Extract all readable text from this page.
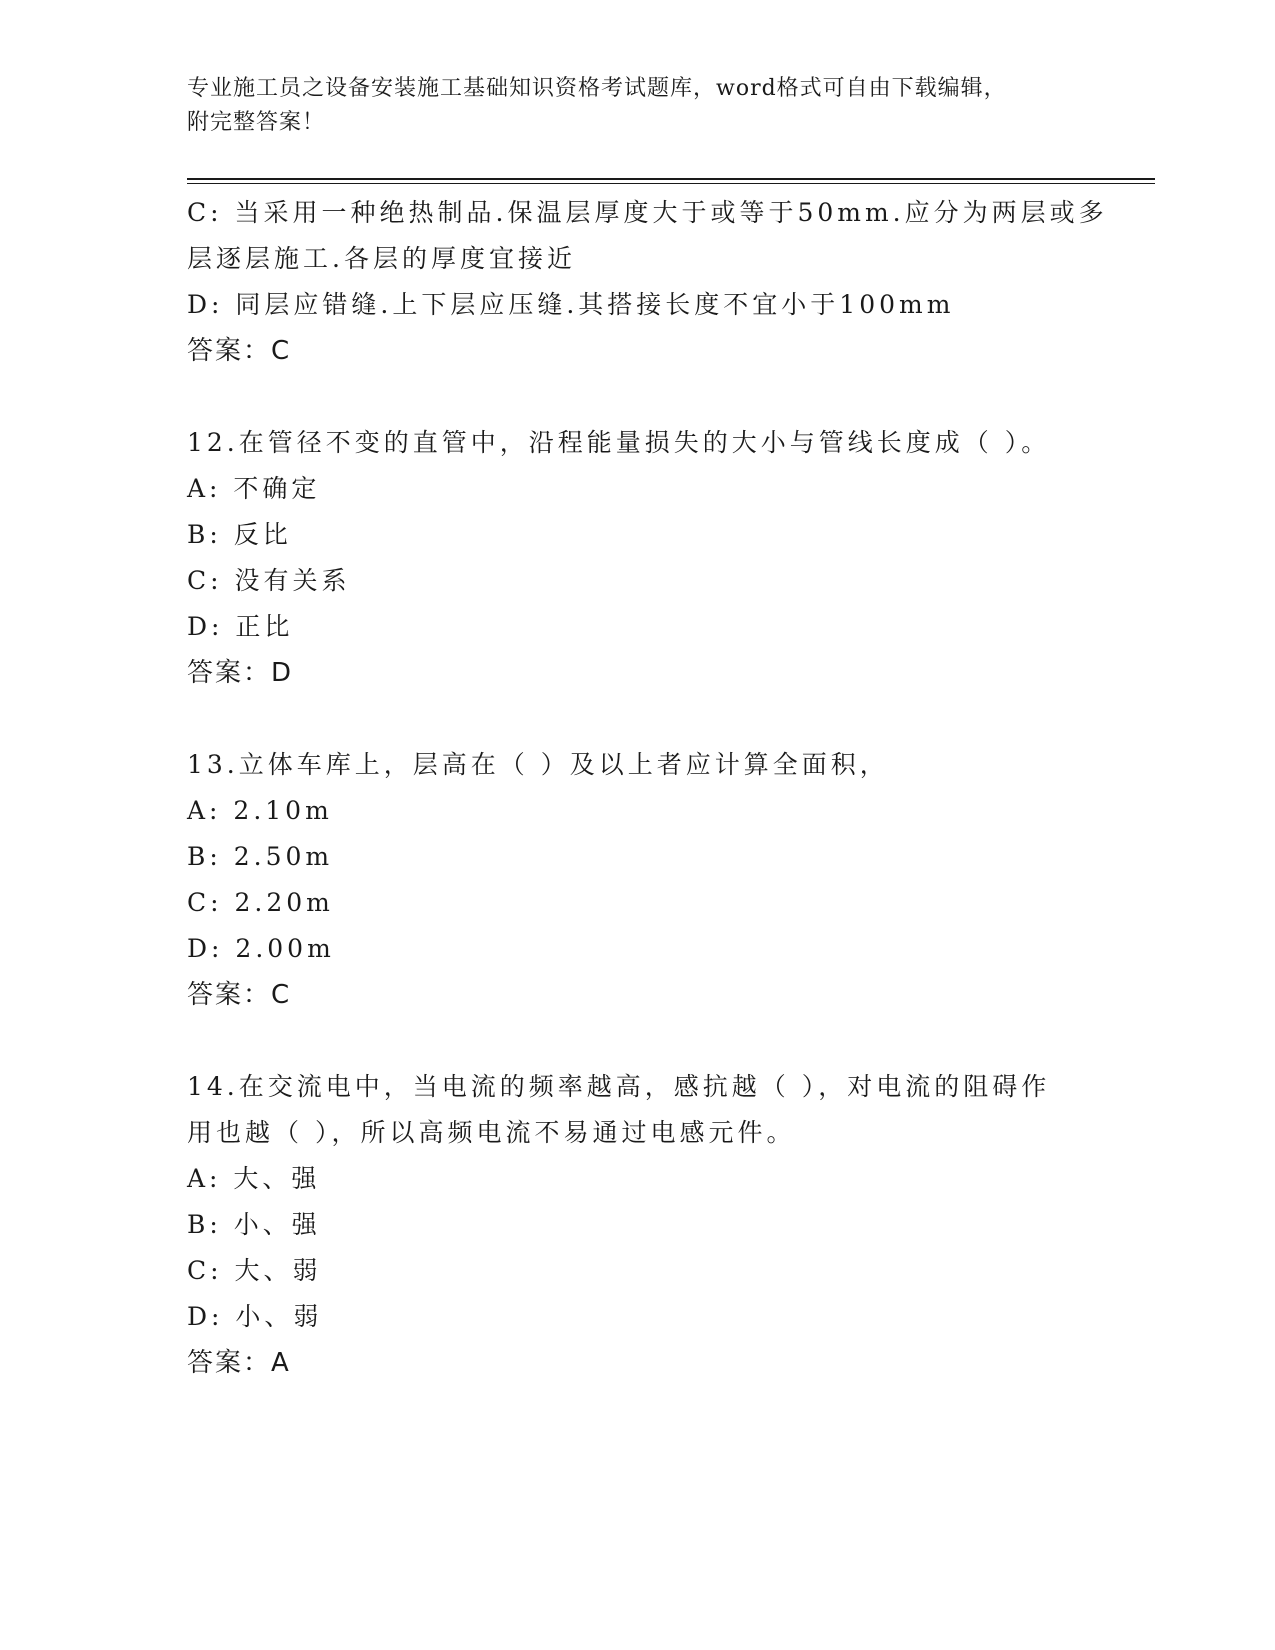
专业施工员之设备安装施工基础知识资格考试题库，word格式可自由下载编辑，
附完整答案！
C: 当采用一种绝热制品.保温层厚度大于或等于50mm.应分为两层或多
层逐层施工.各层的厚度宜接近
D: 同层应错缝.上下层应压缝.其搭接长度不宜小于100mm
答案：C
12.在管径不变的直管中，沿程能量损失的大小与管线长度成（ ）。
A: 不确定
B: 反比
C: 没有关系
D: 正比
答案：D
13.立体车库上，层高在（ ）及以上者应计算全面积，
A: 2.10m
B: 2.50m
C: 2.20m
D: 2.00m
答案：C
14.在交流电中，当电流的频率越高，感抗越（ ），对电流的阻碍作
用也越（ ），所以高频电流不易通过电感元件。
A: 大、强
B: 小、强
C: 大、弱
D: 小、弱
答案：A
